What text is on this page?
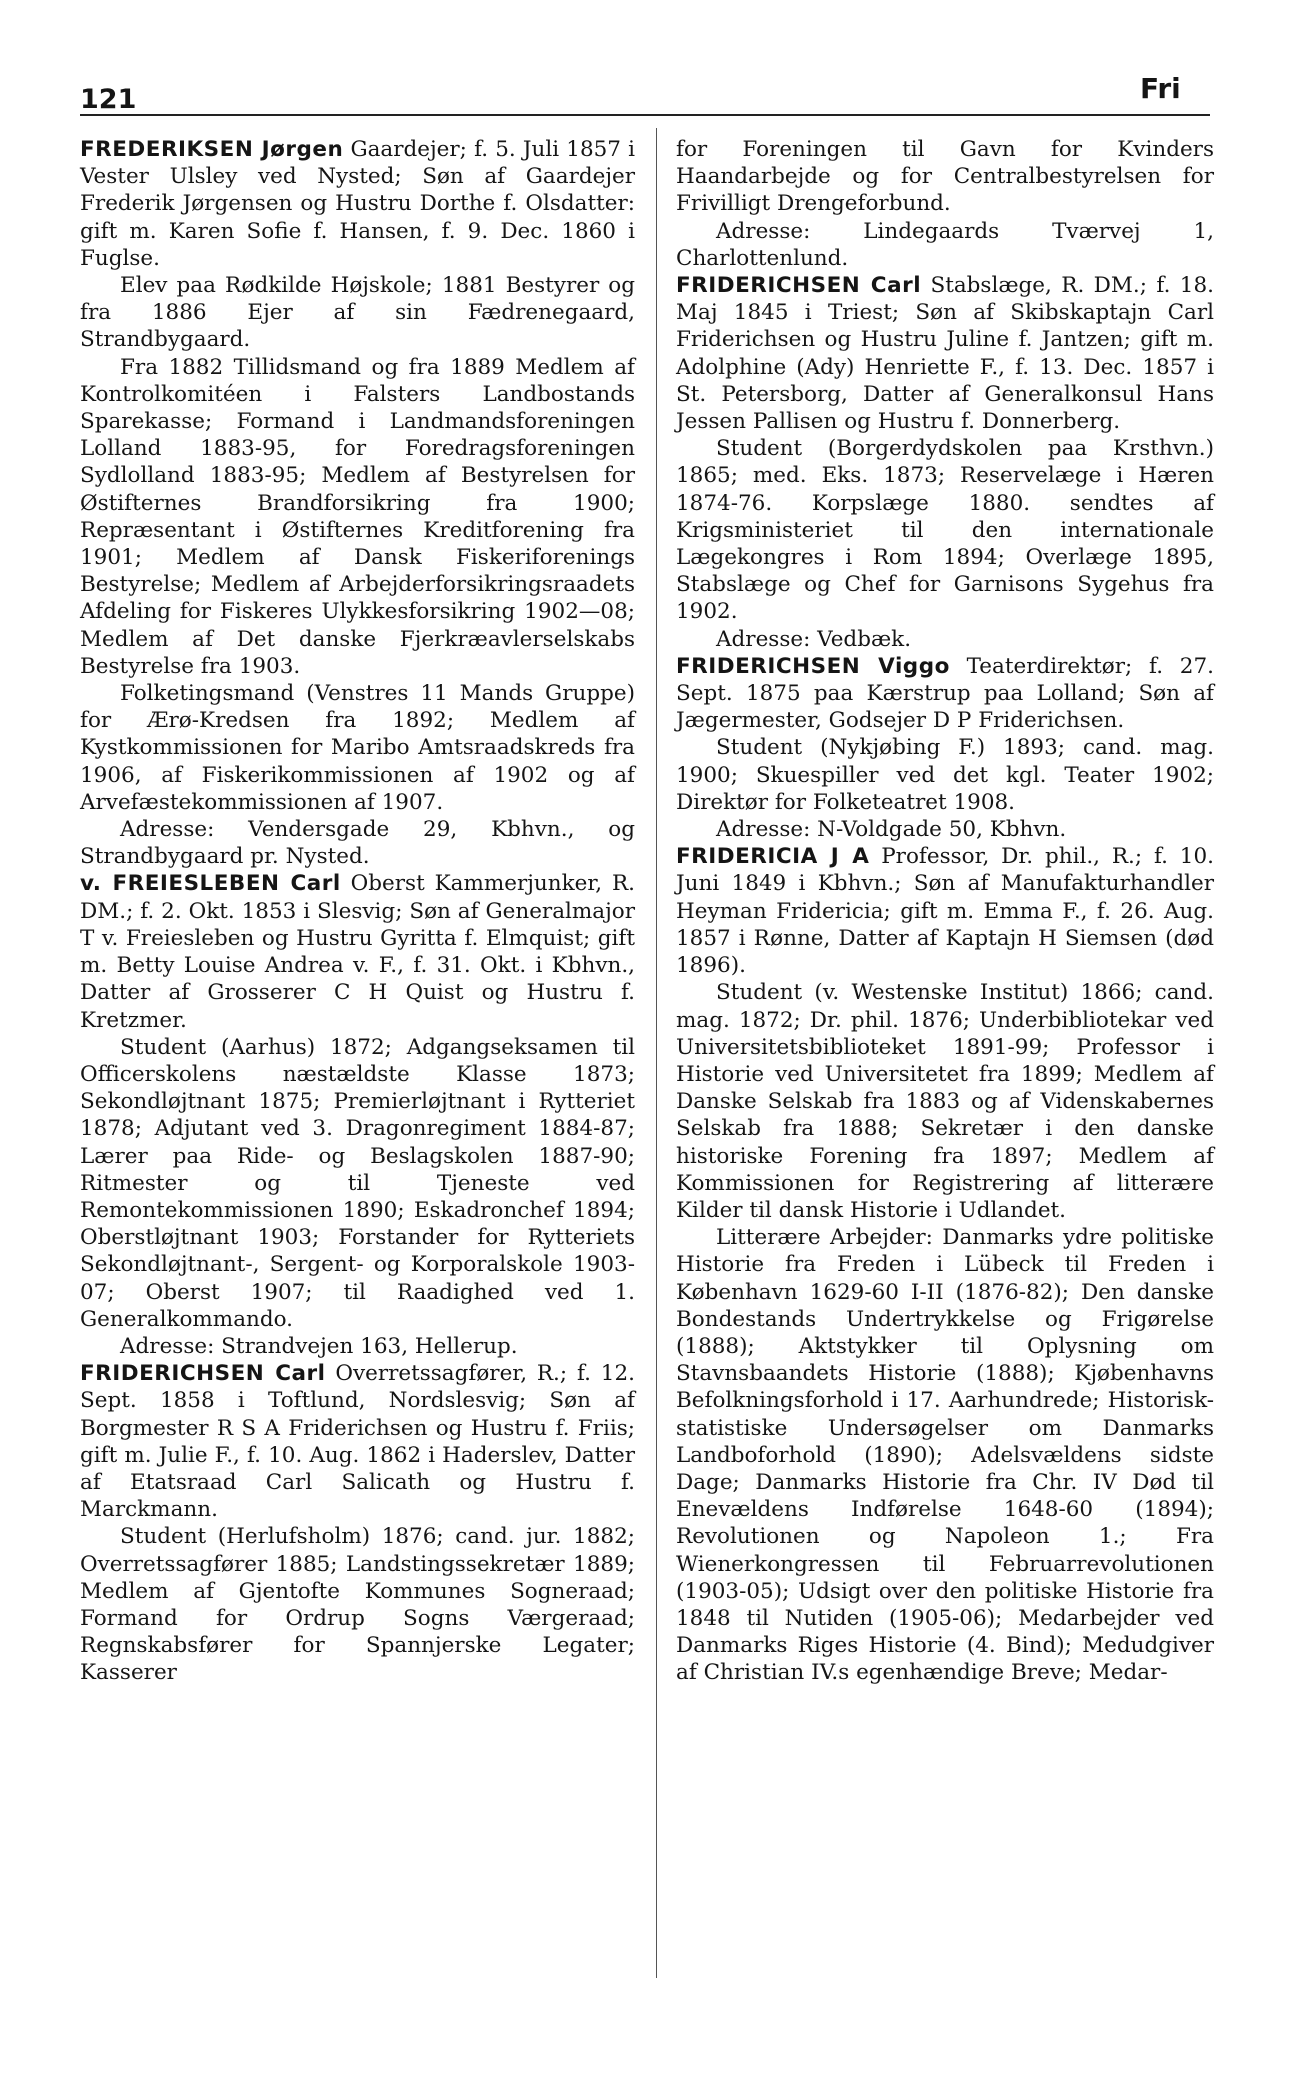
121	Fri

FREDERIKSEN Jørgen Gaardejer; f. 5. Juli 1857 i Vester Ulsley ved Nysted; Søn af Gaardejer Frederik Jørgensen og Hustru Dorthe f. Olsdatter: gift m. Karen Sofie f. Hansen, f. 9. Dec. 1860 i Fuglse.

Elev paa Rødkilde Højskole; 1881 Bestyrer og fra 1886 Ejer af sin Fædrenegaard, Strandbygaard.

Fra 1882 Tillidsmand og fra 1889 Medlem af Kontrolkomitéen i Falsters Landbostands Sparekasse; Formand i Landmandsforeningen Lolland 1883-95, for Foredragsforeningen Sydlolland 1883-95; Medlem af Bestyrelsen for Østifternes Brandforsikring fra 1900; Repræsentant i Østifternes Kreditforening fra 1901; Medlem af Dansk Fiskeriforenings Bestyrelse; Medlem af Arbejderforsikringsraadets Afdeling for Fiskeres Ulykkesforsikring 1902—08; Medlem af Det danske Fjerkræavlerselskabs Bestyrelse fra 1903.

Folketingsmand (Venstres 11 Mands Gruppe) for Ærø-Kredsen fra 1892; Medlem af Kystkommissionen for Maribo Amtsraadskreds fra 1906, af Fiskerikommissionen af 1902 og af Arvefæstekommissionen af 1907.

Adresse: Vendersgade 29, Kbhvn., og Strandbygaard pr. Nysted.

v. FREIESLEBEN Carl Oberst Kammerjunker, R. DM.; f. 2. Okt. 1853 i Slesvig; Søn af Generalmajor T v. Freiesleben og Hustru Gyritta f. Elmquist; gift m. Betty Louise Andrea v. F., f. 31. Okt. i Kbhvn., Datter af Grosserer C H Quist og Hustru f. Kretzmer.

Student (Aarhus) 1872; Adgangseksamen til Officerskolens næstældste Klasse 1873; Sekondløjtnant 1875; Premierløjtnant i Rytteriet 1878; Adjutant ved 3. Dragonregiment 1884-87; Lærer paa Ride- og Beslagskolen 1887-90; Ritmester og til Tjeneste ved Remontekommissionen 1890; Eskadronchef 1894; Oberstløjtnant 1903; Forstander for Rytteriets Sekondløjtnant-, Sergent- og Korporalskole 1903-07; Oberst 1907; til Raadighed ved 1. Generalkommando.

Adresse: Strandvejen 163, Hellerup.

FRIDERICHSEN Carl Overretssagfører, R.; f. 12. Sept. 1858 i Toftlund, Nordslesvig; Søn af Borgmester R S A Friderichsen og Hustru f. Friis; gift m. Julie F., f. 10. Aug. 1862 i Haderslev, Datter af Etatsraad Carl Salicath og Hustru f. Marckmann.

Student (Herlufsholm) 1876; cand. jur. 1882; Overretssagfører 1885; Landstingssekretær 1889; Medlem af Gjentofte Kommunes Sogneraad; Formand for Ordrup Sogns Værgeraad; Regnskabsfører for Spannjerske Legater; Kasserer

for Foreningen til Gavn for Kvinders Haandarbejde og for Centralbestyrelsen for Frivilligt Drengeforbund.

Adresse: Lindegaards Tværvej 1, Charlottenlund.

FRIDERICHSEN Carl Stabslæge, R. DM.; f. 18. Maj 1845 i Triest; Søn af Skibskaptajn Carl Friderichsen og Hustru Juline f. Jantzen; gift m. Adolphine (Ady) Henriette F., f. 13. Dec. 1857 i St. Petersborg, Datter af Generalkonsul Hans Jessen Pallisen og Hustru f. Donnerberg.

Student (Borgerdydskolen paa Krsthvn.) 1865; med. Eks. 1873; Reservelæge i Hæren 1874-76. Korpslæge 1880. sendtes af Krigsministeriet til den internationale Lægekongres i Rom 1894; Overlæge 1895, Stabslæge og Chef for Garnisons Sygehus fra 1902.

Adresse: Vedbæk.

FRIDERICHSEN Viggo Teaterdirektør; f. 27. Sept. 1875 paa Kærstrup paa Lolland; Søn af Jægermester, Godsejer D P Friderichsen.

Student (Nykjøbing F.) 1893; cand. mag. 1900; Skuespiller ved det kgl. Teater 1902; Direktør for Folketeatret 1908.

Adresse: N-Voldgade 50, Kbhvn.

FRIDERICIA J A Professor, Dr. phil., R.; f. 10. Juni 1849 i Kbhvn.; Søn af Manufakturhandler Heyman Fridericia; gift m. Emma F., f. 26. Aug. 1857 i Rønne, Datter af Kaptajn H Siemsen (død 1896).

Student (v. Westenske Institut) 1866; cand. mag. 1872; Dr. phil. 1876; Underbibliotekar ved Universitetsbiblioteket 1891-99; Professor i Historie ved Universitetet fra 1899; Medlem af Danske Selskab fra 1883 og af Videnskabernes Selskab fra 1888; Sekretær i den danske historiske Forening fra 1897; Medlem af Kommissionen for Registrering af litterære Kilder til dansk Historie i Udlandet.

Litterære Arbejder: Danmarks ydre politiske Historie fra Freden i Lübeck til Freden i København 1629-60 I-II (1876-82); Den danske Bondestands Undertrykkelse og Frigørelse (1888); Aktstykker til Oplysning om Stavnsbaandets Historie (1888); Kjøbenhavns Befolkningsforhold i 17. Aarhundrede; Historisk-statistiske Undersøgelser om Danmarks Landboforhold (1890); Adelsvældens sidste Dage; Danmarks Historie fra Chr. IV Død til Enevældens Indførelse 1648-60 (1894); Revolutionen og Napoleon 1.; Fra Wienerkongressen til Februarrevolutionen (1903-05); Udsigt over den politiske Historie fra 1848 til Nutiden (1905-06); Medarbejder ved Danmarks Riges Historie (4. Bind); Medudgiver af Christian IV.s egenhændige Breve; Medar-
